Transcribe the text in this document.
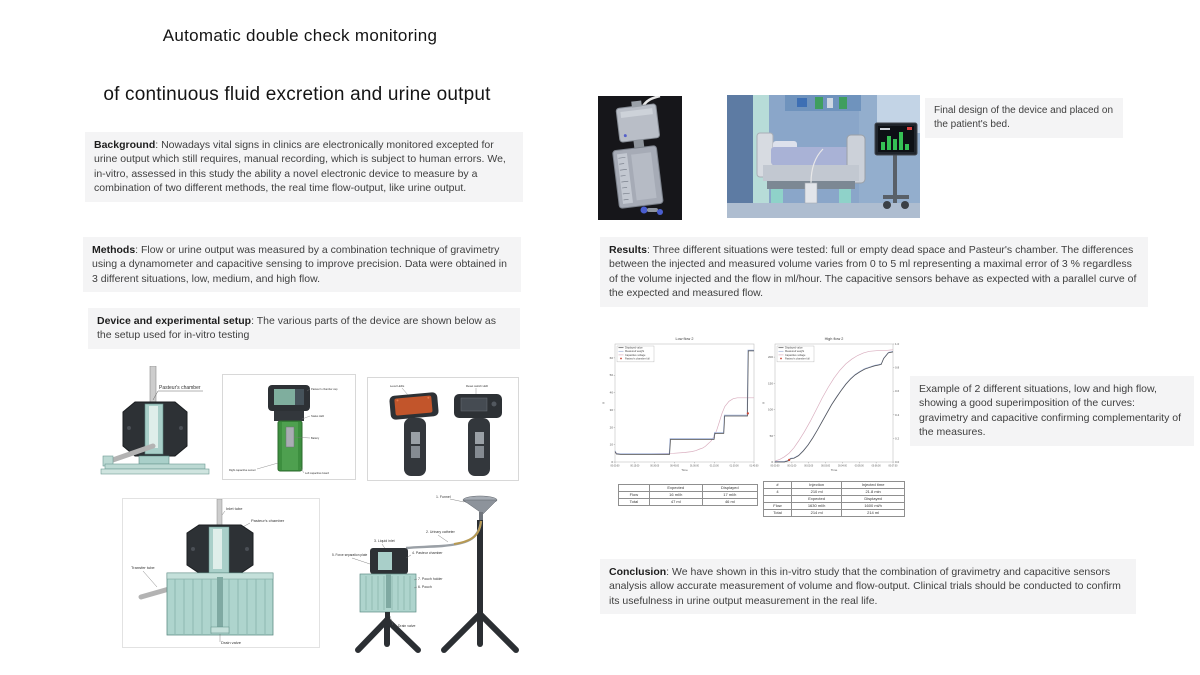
Automatic double check monitoring
of continuous fluid excretion and urine output
Background: Nowadays vital signs in clinics are electronically monitored excepted for urine output which still requires, manual recording, which is subject to human errors. We, in-vitro, assessed in this study the ability a novel electronic device to measure by a combination of two different methods, the real time flow-output, like urine output.
Methods: Flow or urine output was measured by a combination technique of gravimetry using a dynamometer and capacitive sensing to improve precision. Data were obtained in 3 different situations, low, medium, and high flow.
Device and experimental setup: The various parts of the device are shown below as the setup used for in-vitro testing
Pasteur's chamber	Pasteur's chamber cap
Status LED
Battery
Right capacitive sensor
Left capacitive board
Level LEDs	Reset switch LED
Inlet tube
Pasteur's chamber
Transfer tube
Drain valve
1. Funnel
2. Urinary catheter
3. Liquid inlet
4. Pasteur chamber
5. Force separation plate
7. Pouch holder
6. Pouch
8. Drain valve
Final design of the device and placed on the patient's bed.
Results: Three different situations were tested: full or empty dead space and Pasteur's chamber. The differences between the injected and measured volume varies from 0 to 5 ml representing a maximal error of 3 % regardless of the volume injected and the flow in ml/hour. The capacitive sensors behave as expected with a parallel curve of the expected and measured flow.
Low flow 2
0
10
20
30
40
50
60
00:00:00	00:15:00	00:30:00	00:45:00	01:00:00	01:15:00	01:30:00	01:45:00
Time
g
Displayed value
Measured weight
Capacitive voltage
Pasteur's chamber full
	Expected	Displayed
Flow	16 ml/h	17 ml/h
Total	47 ml	46 ml
High flow 2
0
50
100
150
200
0.0
0.2
0.4
0.6
0.8
1.0
00:00:00	00:01:00	00:02:00	00:03:00	00:04:00	00:05:00	00:06:00	00:07:00
Time
g
Displayed value
Measured weight
Capacitive voltage
Pasteur's chamber full
#	Injection	Injected time
4	210 ml	21.8 min
	Expected	Displayed
Flow	1630 ml/h	1600 ml/h
Total	214 ml	214 ml
Example of 2 different situations, low and high flow, showing a good superimposition of the curves: gravimetry and capacitive confirming complementarity of the measures.
Conclusion: We have shown in this in-vitro study that the combination of gravimetry and capacitive sensors analysis allow accurate measurement of volume and flow-output. Clinical trials should be conducted to confirm its usefulness in urine output measurement in the real life.
